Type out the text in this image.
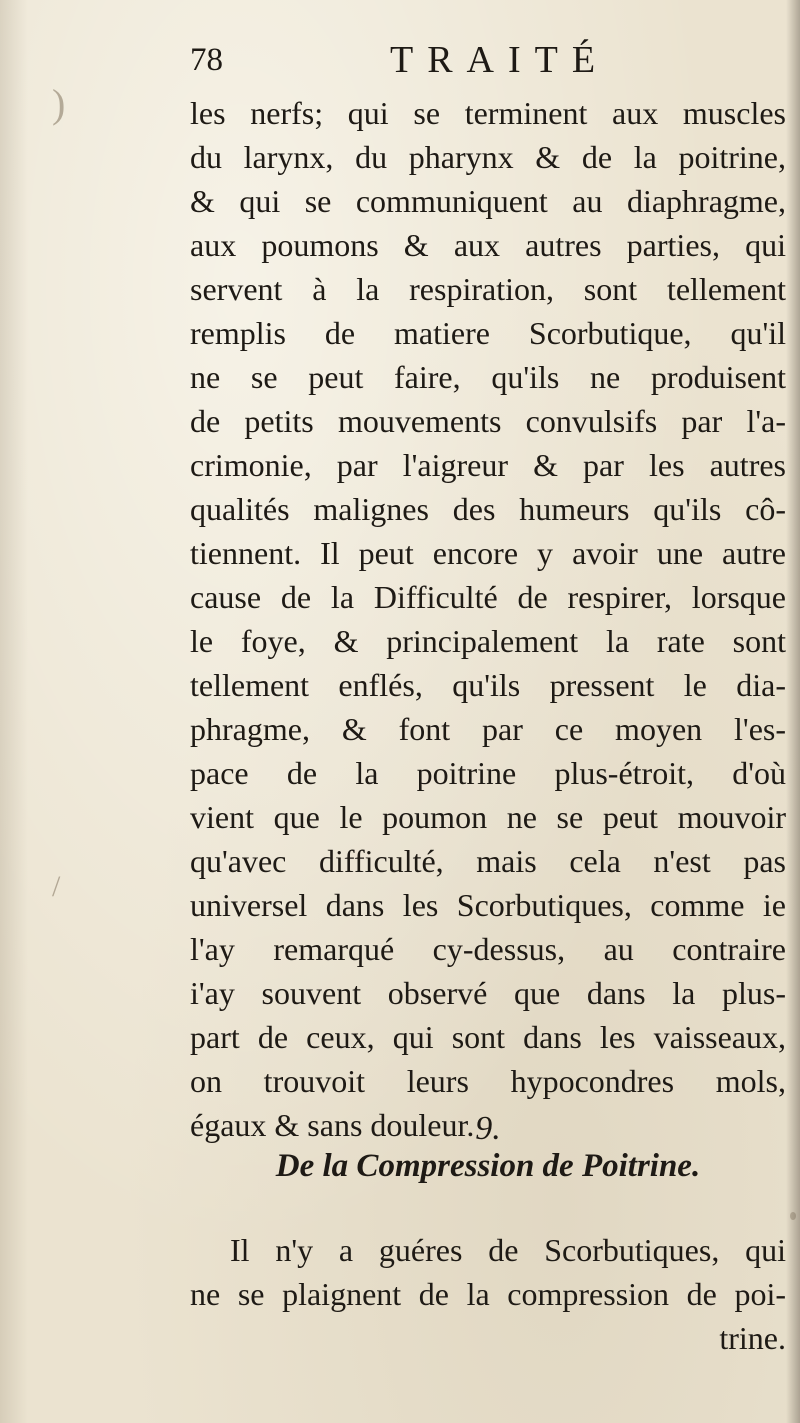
)
/
78	TRAITÉ
les nerfs; qui se terminent aux muscles
du larynx, du pharynx & de la poitrine,
& qui se communiquent au diaphragme,
aux poumons & aux autres parties, qui
servent à la respiration, sont tellement
remplis de matiere Scorbutique, qu'il
ne se peut faire, qu'ils ne produisent
de petits mouvements convulsifs par l'a-
crimonie, par l'aigreur & par les autres
qualités malignes des humeurs qu'ils cô-
tiennent. Il peut encore y avoir une autre
cause de la Difficulté de respirer, lorsque
le foye, & principalement la rate sont
tellement enflés, qu'ils pressent le dia-
phragme, & font par ce moyen l'es-
pace de la poitrine plus-étroit, d'où
vient que le poumon ne se peut mouvoir
qu'avec difficulté, mais cela n'est pas
universel dans les Scorbutiques, comme ie
l'ay remarqué cy-dessus, au contraire
i'ay souvent observé que dans la plus-
part de ceux, qui sont dans les vaisseaux,
on trouvoit leurs hypocondres mols,
égaux & sans douleur. 9.
De la Compression de Poitrine.
Il n'y a guéres de Scorbutiques, qui
ne se plaignent de la compression de poi-
trine.
